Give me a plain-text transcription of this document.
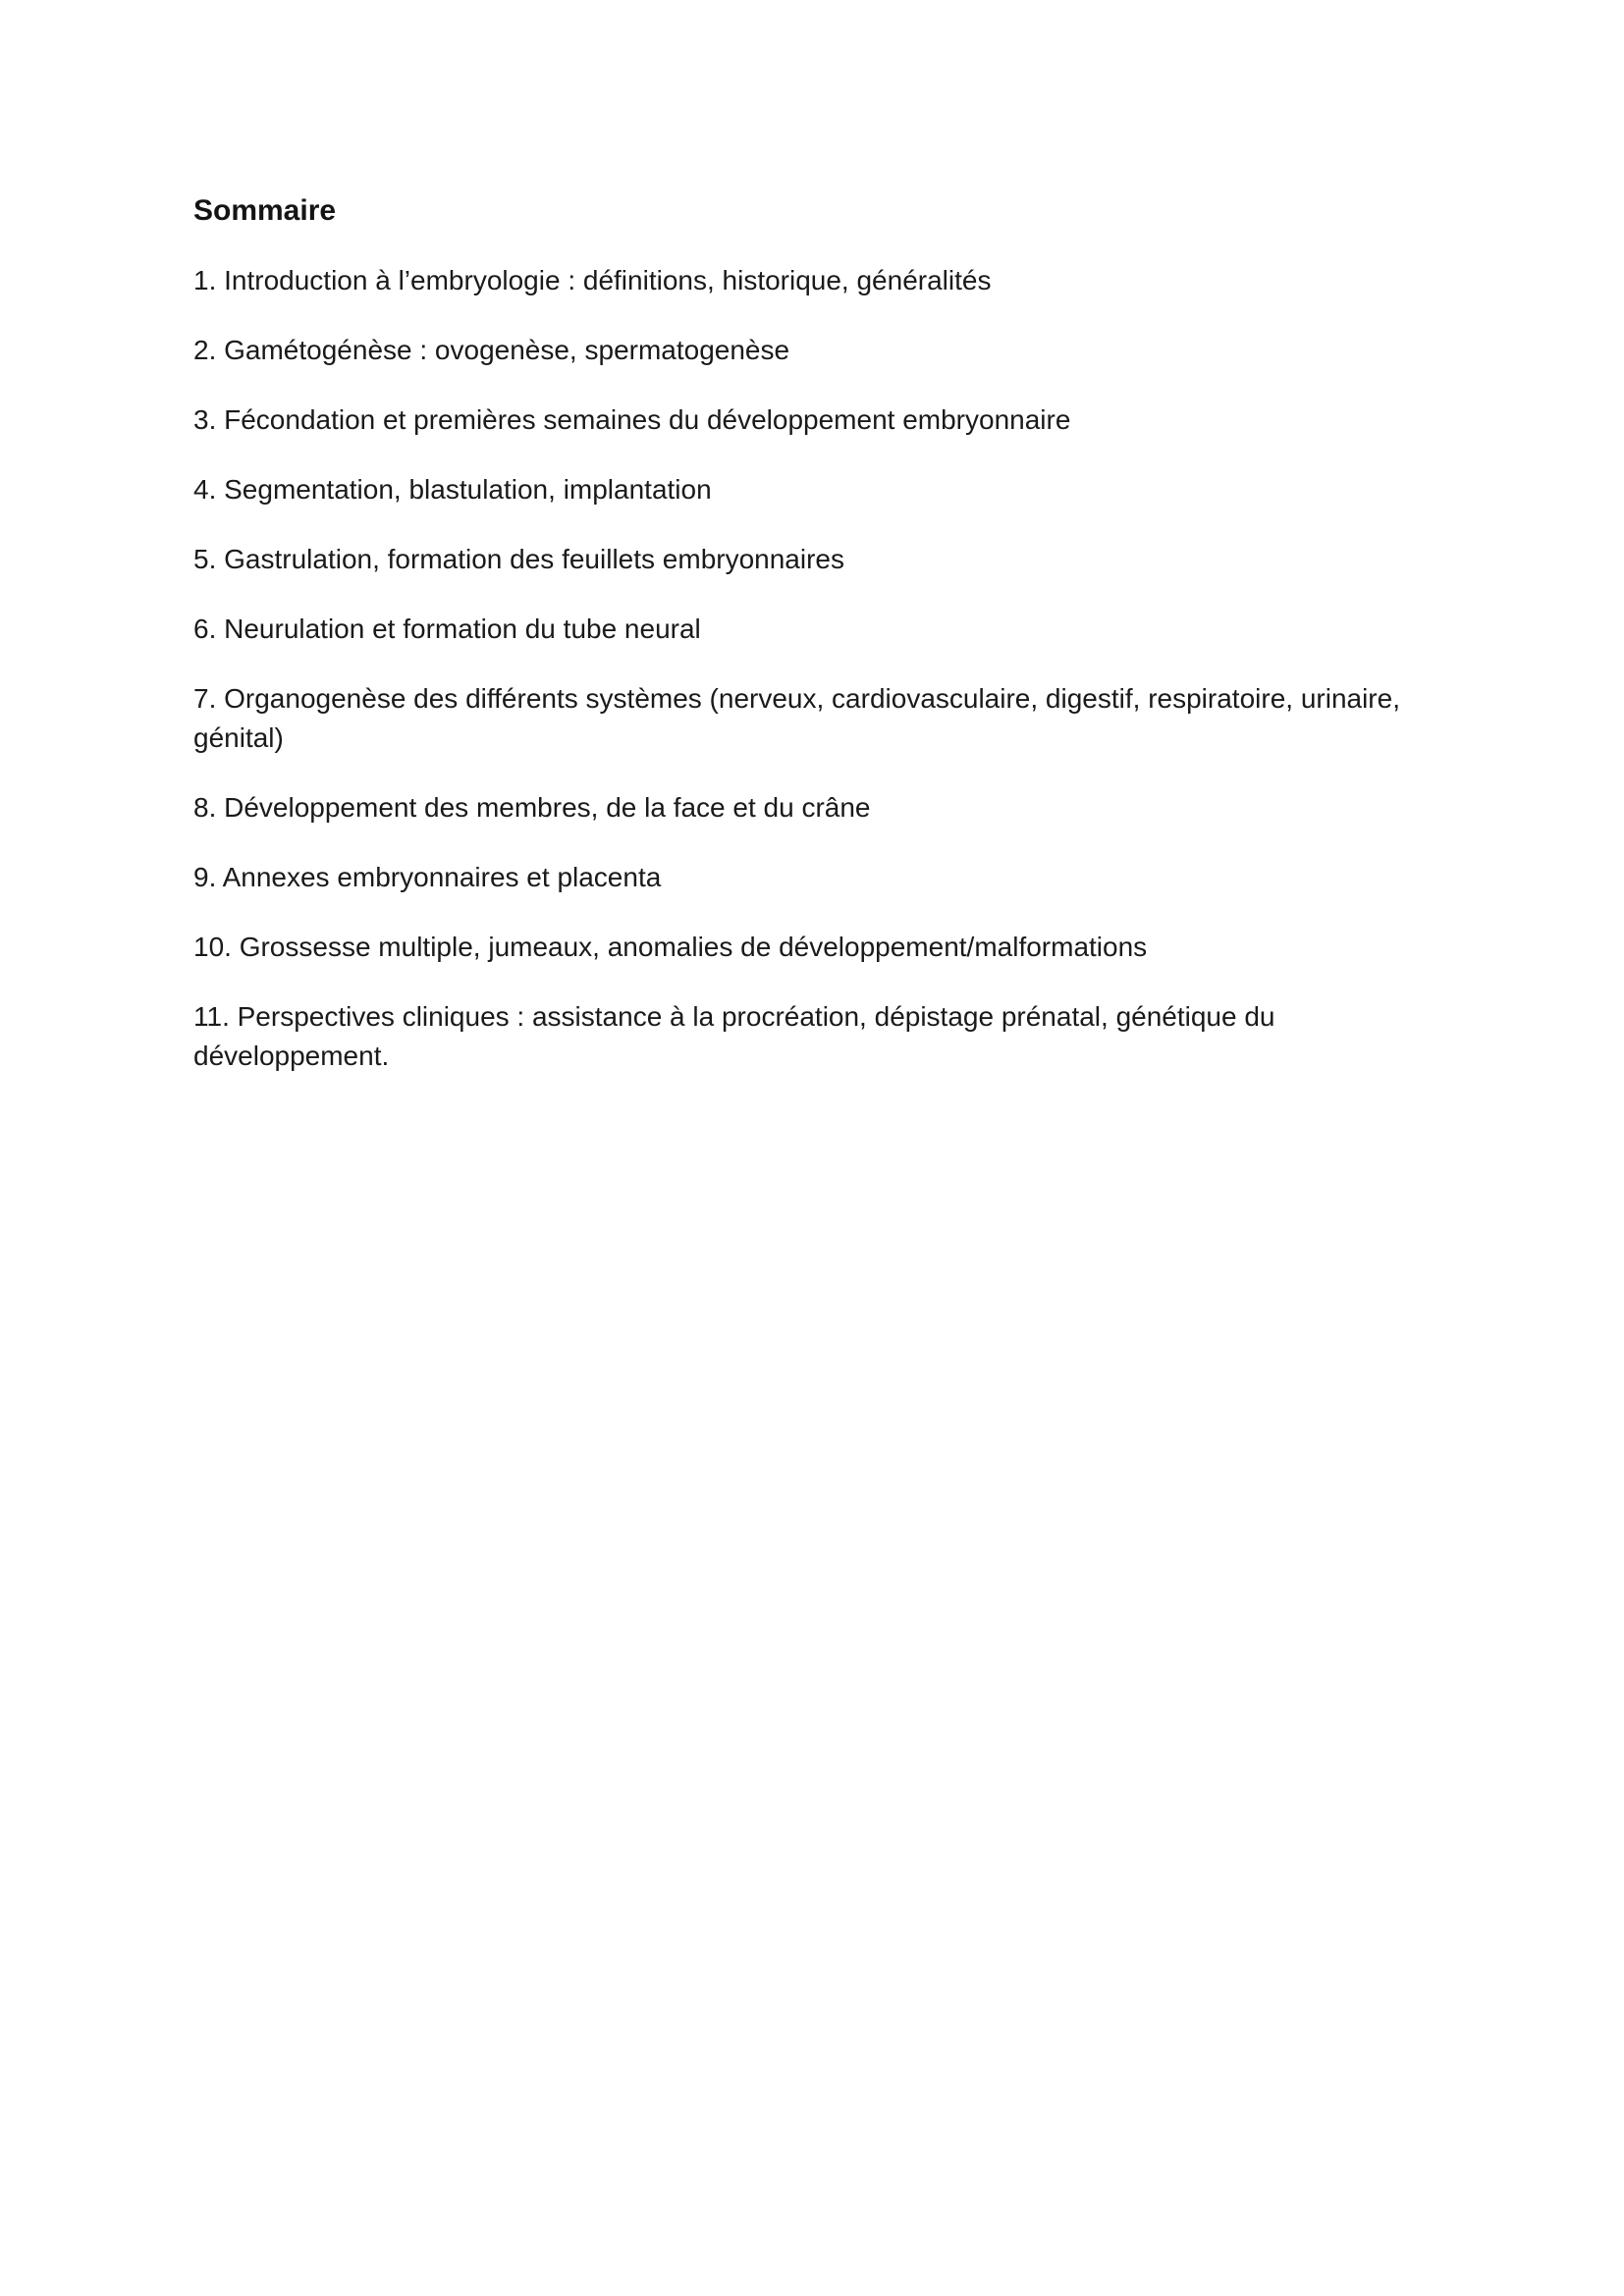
Sommaire

1. Introduction à l’embryologie : définitions, historique, généralités

2. Gamétogénèse : ovogenèse, spermatogenèse

3. Fécondation et premières semaines du développement embryonnaire

4. Segmentation, blastulation, implantation

5. Gastrulation, formation des feuillets embryonnaires

6. Neurulation et formation du tube neural

7. Organogenèse des différents systèmes (nerveux, cardiovasculaire, digestif, respiratoire, urinaire, génital)

8. Développement des membres, de la face et du crâne

9. Annexes embryonnaires et placenta

10. Grossesse multiple, jumeaux, anomalies de développement/malformations

11. Perspectives cliniques : assistance à la procréation, dépistage prénatal, génétique du développement.
